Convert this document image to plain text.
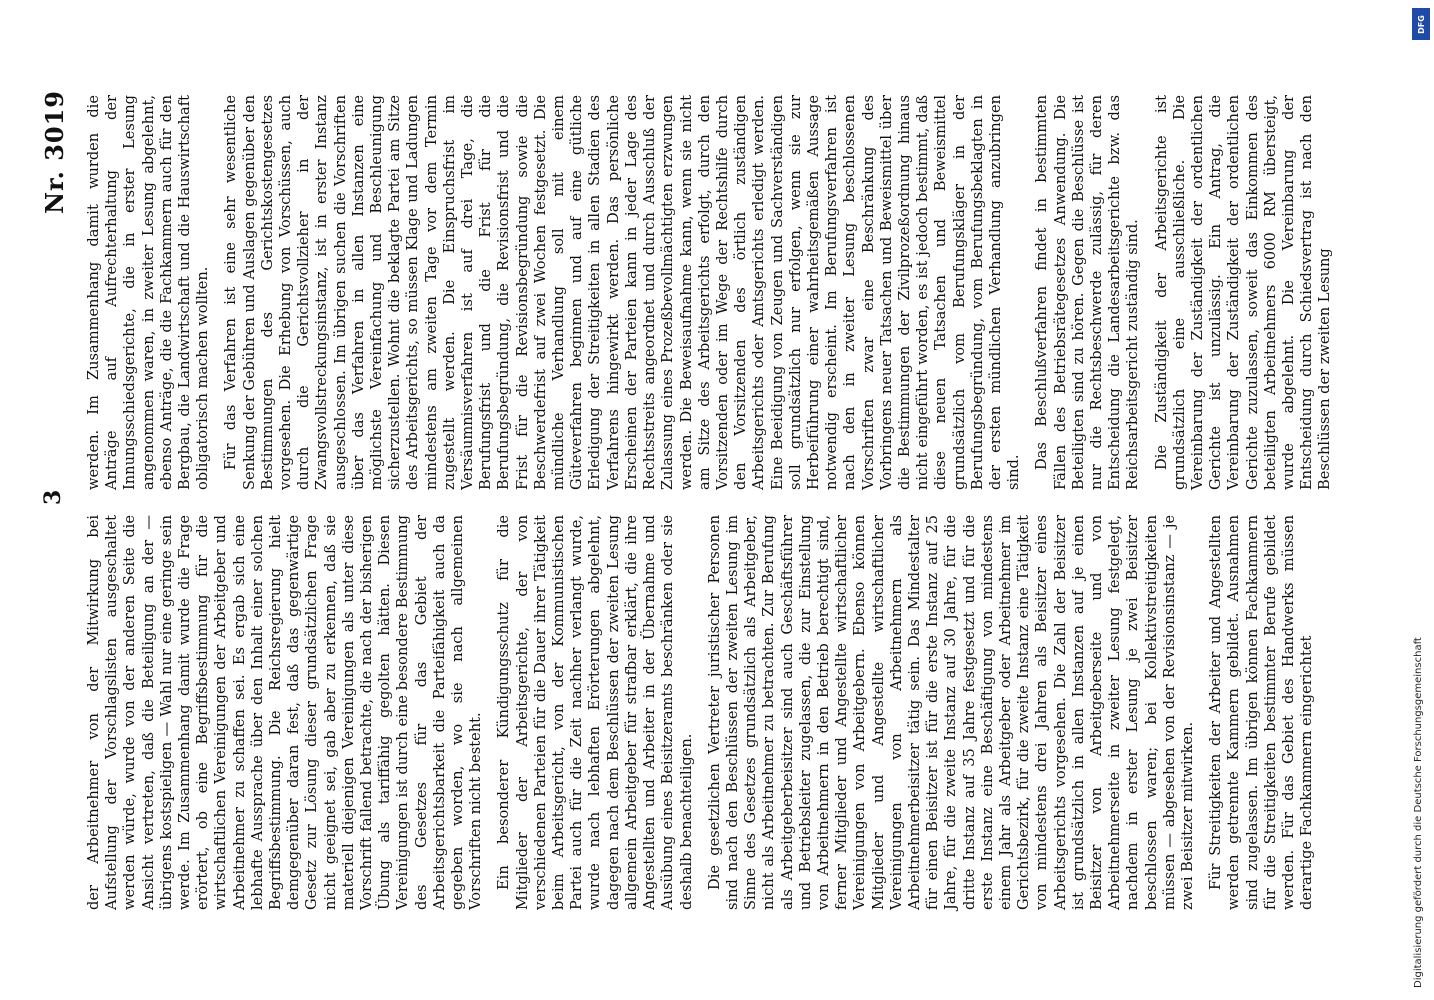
3
Nr. 3019

der Arbeitnehmer von der Mitwirkung bei Aufstellung der Vorschlagslisten ausgeschaltet werden würde, wurde von der anderen Seite die Ansicht vertreten, daß die Beteiligung an der — übrigens kostspieligen — Wahl nur eine geringe sein werde. Im Zusammenhang damit wurde die Frage erörtert, ob eine Begriffsbestimmung für die wirtschaftlichen Vereinigungen der Arbeitgeber und Arbeitnehmer zu schaffen sei. Es ergab sich eine lebhafte Aussprache über den Inhalt einer solchen Begriffsbestimmung. Die Reichsregierung hielt demgegenüber daran fest, daß das gegenwärtige Gesetz zur Lösung dieser grundsätzlichen Frage nicht geeignet sei, gab aber zu erkennen, daß sie materiell diejenigen Vereinigungen als unter diese Vorschrift fallend betrachte, die nach der bisherigen Übung als tariffähig gegolten hätten. Diesen Vereinigungen ist durch eine besondere Bestimmung des Gesetzes für das Gebiet der Arbeitsgerichtsbarkeit die Parteifähigkeit auch da gegeben worden, wo sie nach allgemeinen Vorschriften nicht besteht. Ein besonderer Kündigungsschutz für die Mitglieder der Arbeitsgerichte, der von verschiedenen Parteien für die Dauer ihrer Tätigkeit beim Arbeitsgericht, von der Kommunistischen Partei auch für die Zeit nachher verlangt wurde, wurde nach lebhaften Erörterungen abgelehnt, dagegen nach dem Beschlüssen der zweiten Lesung allgemein Arbeitgeber für strafbar erklärt, die ihre Angestellten und Arbeiter in der Übernahme und Ausübung eines Beisitzeramts beschränken oder sie deshalb benachteiligen. Die gesetzlichen Vertreter juristischer Personen sind nach den Beschlüssen der zweiten Lesung im Sinne des Gesetzes grundsätzlich als Arbeitgeber, nicht als Arbeitnehmer zu betrachten. Zur Berufung als Arbeitgeberbeisitzer sind auch Geschäftsführer und Betriebsleiter zugelassen, die zur Einstellung von Arbeitnehmern in den Betrieb berechtigt sind, ferner Mitglieder und Angestellte wirtschaftlicher Vereinigungen von Arbeitgebern. Ebenso können Mitglieder und Angestellte wirtschaftlicher Vereinigungen von Arbeitnehmern als Arbeitnehmerbeisitzer tätig sein. Das Mindestalter für einen Beisitzer ist für die erste Instanz auf 25 Jahre, für die zweite Instanz auf 30 Jahre, für die dritte Instanz auf 35 Jahre festgesetzt und für die erste Instanz eine Beschäftigung von mindestens einem Jahr als Arbeitgeber oder Arbeitnehmer im Gerichtsbezirk, für die zweite Instanz eine Tätigkeit von mindestens drei Jahren als Beisitzer eines Arbeitsgerichts vorgesehen. Die Zahl der Beisitzer ist grundsätzlich in allen Instanzen auf je einen Beisitzer von Arbeitgeberseite und von Arbeitnehmerseite in zweiter Lesung festgelegt, nachdem in erster Lesung je zwei Beisitzer beschlossen waren; bei Kollektivstreitigkeiten müssen — abgesehen von der Revisionsinstanz — je zwei Beisitzer mitwirken. Für Streitigkeiten der Arbeiter und Angestellten werden getrennte Kammern gebildet. Ausnahmen sind zugelassen. Im übrigen können Fachkammern für die Streitigkeiten bestimmter Berufe gebildet werden. Für das Gebiet des Handwerks müssen derartige Fachkammern eingerichtet

werden. Im Zusammenhang damit wurden die Anträge auf Aufrechterhaltung der Innungsschiedsgerichte, die in erster Lesung angenommen waren, in zweiter Lesung abgelehnt, ebenso Anträge, die die Fachkammern auch für den Bergbau, die Landwirtschaft und die Hauswirtschaft obligatorisch machen wollten. Für das Verfahren ist eine sehr wesentliche Senkung der Gebühren und Auslagen gegenüber den Bestimmungen des Gerichtskostengesetzes vorgesehen. Die Erhebung von Vorschüssen, auch durch die Gerichtsvollzieher in der Zwangsvollstreckungsinstanz, ist in erster Instanz ausgeschlossen. Im übrigen suchen die Vorschriften über das Verfahren in allen Instanzen eine möglichste Vereinfachung und Beschleunigung sicherzustellen. Wohnt die beklagte Partei am Sitze des Arbeitsgerichts, so müssen Klage und Ladungen mindestens am zweiten Tage vor dem Termin zugestellt werden. Die Einspruchsfrist im Versäumnisverfahren ist auf drei Tage, die Berufungsfrist und die Frist für die Berufungsbegründung, die Revisionsfrist und die Frist für die Revisionsbegründung sowie die Beschwerdefrist auf zwei Wochen festgesetzt. Die mündliche Verhandlung soll mit einem Güteverfahren beginnen und auf eine gütliche Erledigung der Streitigkeiten in allen Stadien des Verfahrens hingewirkt werden. Das persönliche Erscheinen der Parteien kann in jeder Lage des Rechtsstreits angeordnet und durch Ausschluß der Zulassung eines Prozeßbevollmächtigten erzwungen werden. Die Beweisaufnahme kann, wenn sie nicht am Sitze des Arbeitsgerichts erfolgt, durch den Vorsitzenden oder im Wege der Rechtshilfe durch den Vorsitzenden des örtlich zuständigen Arbeitsgerichts oder Amtsgerichts erledigt werden. Eine Beeidigung von Zeugen und Sachverständigen soll grundsätzlich nur erfolgen, wenn sie zur Herbeiführung einer wahrheitsgemäßen Aussage notwendig erscheint. Im Berufungsverfahren ist nach den in zweiter Lesung beschlossenen Vorschriften zwar eine Beschränkung des Vorbringens neuer Tatsachen und Beweismittel über die Bestimmungen der Zivilprozeßordnung hinaus nicht eingeführt worden, es ist jedoch bestimmt, daß diese neuen Tatsachen und Beweismittel grundsätzlich vom Berufungskläger in der Berufungsbegründung, vom Berufungsbeklagten in der ersten mündlichen Verhandlung anzubringen sind.

Das Beschlußverfahren findet in bestimmten Fällen des Betriebsrätegesetzes Anwendung. Die Beteiligten sind zu hören. Gegen die Beschlüsse ist nur die Rechtsbeschwerde zulässig, für deren Entscheidung die Landesarbeitsgerichte bzw. das Reichsarbeitsgericht zuständig sind. Die Zuständigkeit der Arbeitsgerichte ist grundsätzlich eine ausschließliche. Die Vereinbarung der Zuständigkeit der ordentlichen Gerichte ist unzulässig. Ein Antrag, die Vereinbarung der Zuständigkeit der ordentlichen Gerichte zuzulassen, soweit das Einkommen des beteiligten Arbeitnehmers 6000 RM übersteigt, wurde abgelehnt. Die Vereinbarung der Entscheidung durch Schiedsvertrag ist nach den Beschlüssen der zweiten Lesung

DFG
Digitalisierung gefördert durch die Deutsche Forschungsgemeinschaft
